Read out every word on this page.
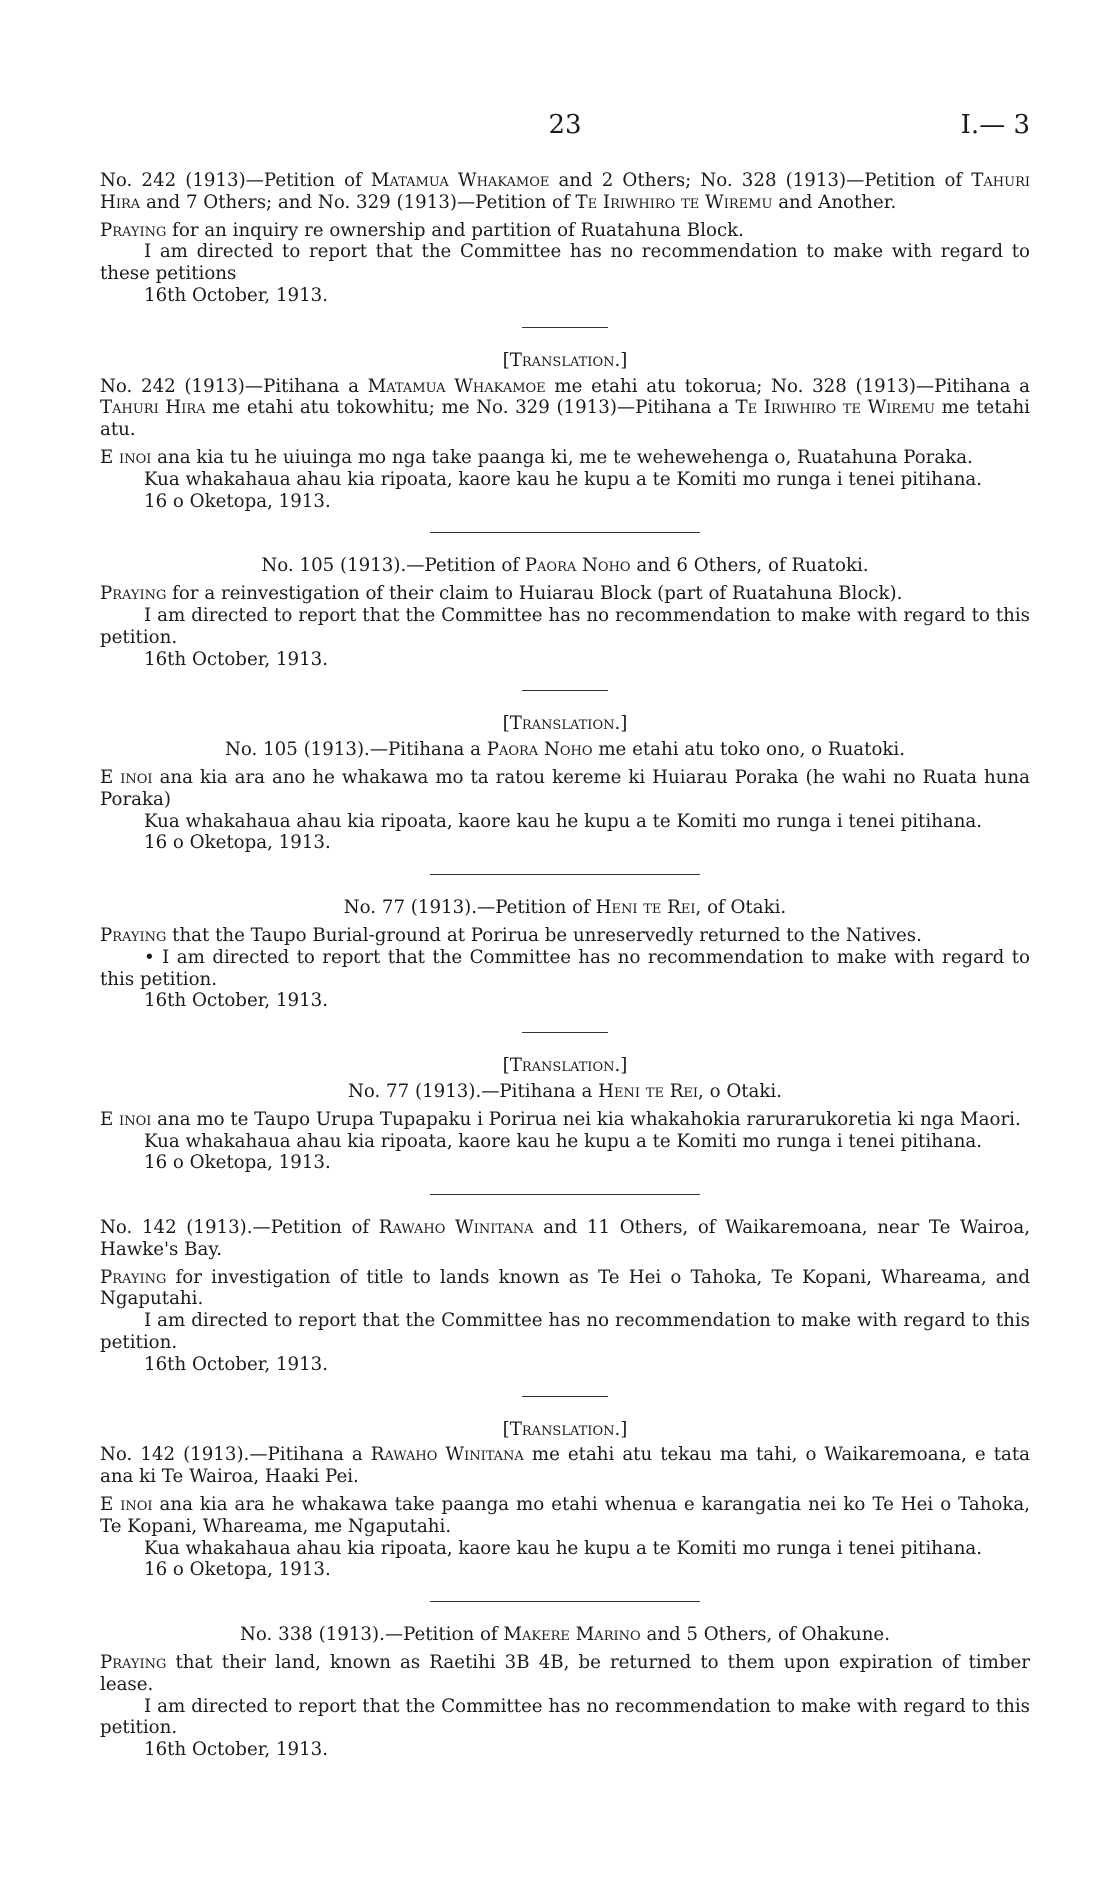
23	I.— 3

No. 242 (1913)—Petition of Matamua Whakamoe and 2 Others; No. 328 (1913)—Petition of Tahuri Hira and 7 Others; and No. 329 (1913)—Petition of Te Iriwhiro te Wiremu and Another.

Praying for an inquiry re ownership and partition of Ruatahuna Block.

I am directed to report that the Committee has no recommendation to make with regard to these petitions

16th October, 1913.

[Translation.]

No. 242 (1913)—Pitihana a Matamua Whakamoe me etahi atu tokorua; No. 328 (1913)—Pitihana a Tahuri Hira me etahi atu tokowhitu; me No. 329 (1913)—Pitihana a Te Iriwhiro te Wiremu me tetahi atu.

E inoi ana kia tu he uiuinga mo nga take paanga ki, me te wehewehenga o, Ruatahuna Poraka.

Kua whakahaua ahau kia ripoata, kaore kau he kupu a te Komiti mo runga i tenei pitihana.

16 o Oketopa, 1913.

No. 105 (1913).—Petition of Paora Noho and 6 Others, of Ruatoki.

Praying for a reinvestigation of their claim to Huiarau Block (part of Ruatahuna Block).

I am directed to report that the Committee has no recommendation to make with regard to this petition.

16th October, 1913.

[Translation.]

No. 105 (1913).—Pitihana a Paora Noho me etahi atu toko ono, o Ruatoki.

E inoi ana kia ara ano he whakawa mo ta ratou kereme ki Huiarau Poraka (he wahi no Ruata huna Poraka)

Kua whakahaua ahau kia ripoata, kaore kau he kupu a te Komiti mo runga i tenei pitihana.

16 o Oketopa, 1913.

No. 77 (1913).—Petition of Heni te Rei, of Otaki.

Praying that the Taupo Burial-ground at Porirua be unreservedly returned to the Natives.

• I am directed to report that the Committee has no recommendation to make with regard to this petition.

16th October, 1913.

[Translation.]

No. 77 (1913).—Pitihana a Heni te Rei, o Otaki.

E inoi ana mo te Taupo Urupa Tupapaku i Porirua nei kia whakahokia rarurarukoretia ki nga Maori.

Kua whakahaua ahau kia ripoata, kaore kau he kupu a te Komiti mo runga i tenei pitihana.

16 o Oketopa, 1913.

No. 142 (1913).—Petition of Rawaho Winitana and 11 Others, of Waikaremoana, near Te Wairoa, Hawke's Bay.

Praying for investigation of title to lands known as Te Hei o Tahoka, Te Kopani, Whareama, and Ngaputahi.

I am directed to report that the Committee has no recommendation to make with regard to this petition.

16th October, 1913.

[Translation.]

No. 142 (1913).—Pitihana a Rawaho Winitana me etahi atu tekau ma tahi, o Waikaremoana, e tata ana ki Te Wairoa, Haaki Pei.

E inoi ana kia ara he whakawa take paanga mo etahi whenua e karangatia nei ko Te Hei o Tahoka, Te Kopani, Whareama, me Ngaputahi.

Kua whakahaua ahau kia ripoata, kaore kau he kupu a te Komiti mo runga i tenei pitihana.

16 o Oketopa, 1913.

No. 338 (1913).—Petition of Makere Marino and 5 Others, of Ohakune.

Praying that their land, known as Raetihi 3B 4B, be returned to them upon expiration of timber lease.

I am directed to report that the Committee has no recommendation to make with regard to this petition.

16th October, 1913.
